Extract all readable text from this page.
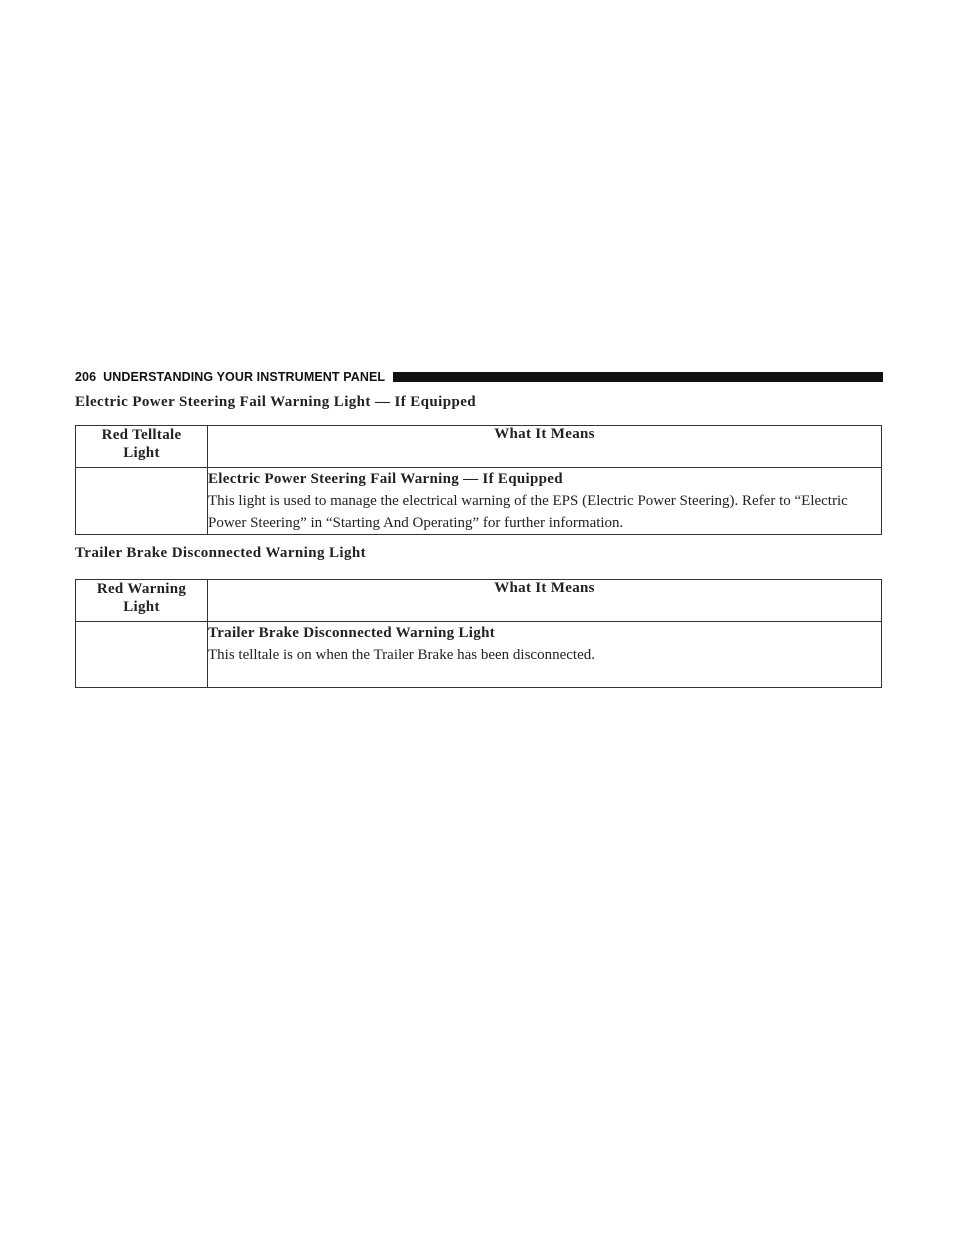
206 UNDERSTANDING YOUR INSTRUMENT PANEL
Electric Power Steering Fail Warning Light — If Equipped
Red Telltale Light	What It Means

	Electric Power Steering Fail Warning — If Equipped
This light is used to manage the electrical warning of the EPS (Electric Power Steering). Refer to “Electric Power Steering” in “Starting And Operating” for further information.
Trailer Brake Disconnected Warning Light
Red Warning Light	What It Means

	Trailer Brake Disconnected Warning Light
This telltale is on when the Trailer Brake has been disconnected.
